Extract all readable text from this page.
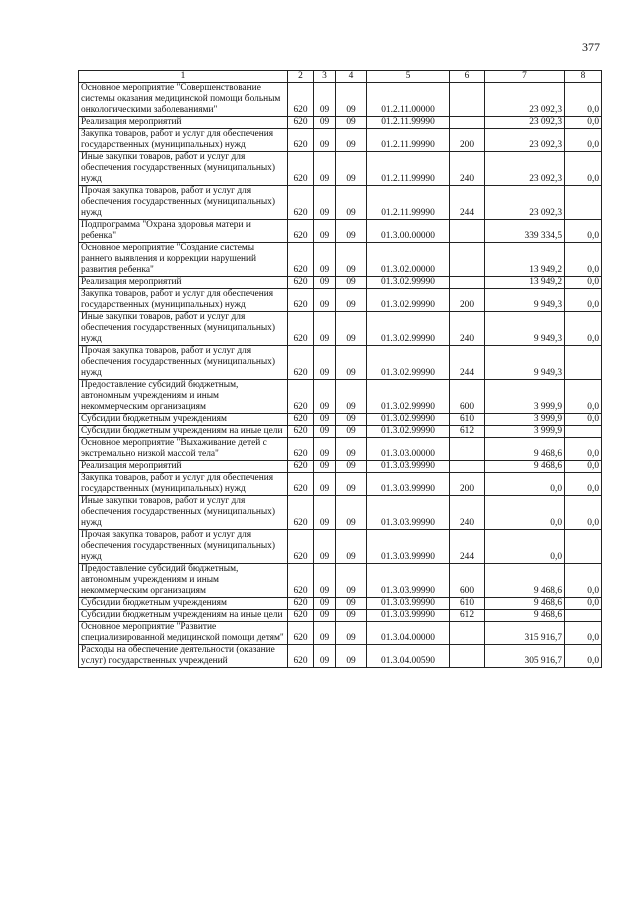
377
1	2	3	4	5	6	7	8
Основное мероприятие "Совершенствование системы оказания медицинской помощи больным онкологическими заболеваниями"	620	09	09	01.2.11.00000		23 092,3	0,0
Реализация мероприятий	620	09	09	01.2.11.99990		23 092,3	0,0
Закупка товаров, работ и услуг для обеспечения государственных (муниципальных) нужд	620	09	09	01.2.11.99990	200	23 092,3	0,0
Иные закупки товаров, работ и услуг для обеспечения государственных (муниципальных) нужд	620	09	09	01.2.11.99990	240	23 092,3	0,0
Прочая закупка товаров, работ и услуг для обеспечения государственных (муниципальных) нужд	620	09	09	01.2.11.99990	244	23 092,3	
Подпрограмма "Охрана здоровья матери и ребенка"	620	09	09	01.3.00.00000		339 334,5	0,0
Основное мероприятие "Создание системы раннего выявления и коррекции нарушений развития ребенка"	620	09	09	01.3.02.00000		13 949,2	0,0
Реализация мероприятий	620	09	09	01.3.02.99990		13 949,2	0,0
Закупка товаров, работ и услуг для обеспечения государственных (муниципальных) нужд	620	09	09	01.3.02.99990	200	9 949,3	0,0
Иные закупки товаров, работ и услуг для обеспечения государственных (муниципальных) нужд	620	09	09	01.3.02.99990	240	9 949,3	0,0
Прочая закупка товаров, работ и услуг для обеспечения государственных (муниципальных) нужд	620	09	09	01.3.02.99990	244	9 949,3	
Предоставление субсидий бюджетным, автономным учреждениям и иным некоммерческим организациям	620	09	09	01.3.02.99990	600	3 999,9	0,0
Субсидии бюджетным учреждениям	620	09	09	01.3.02.99990	610	3 999,9	0,0
Субсидии бюджетным учреждениям на иные цели	620	09	09	01.3.02.99990	612	3 999,9	
Основное мероприятие "Выхаживание детей с экстремально низкой массой тела"	620	09	09	01.3.03.00000		9 468,6	0,0
Реализация мероприятий	620	09	09	01.3.03.99990		9 468,6	0,0
Закупка товаров, работ и услуг для обеспечения государственных (муниципальных) нужд	620	09	09	01.3.03.99990	200	0,0	0,0
Иные закупки товаров, работ и услуг для обеспечения государственных (муниципальных) нужд	620	09	09	01.3.03.99990	240	0,0	0,0
Прочая закупка товаров, работ и услуг для обеспечения государственных (муниципальных) нужд	620	09	09	01.3.03.99990	244	0,0	
Предоставление субсидий бюджетным, автономным учреждениям и иным некоммерческим организациям	620	09	09	01.3.03.99990	600	9 468,6	0,0
Субсидии бюджетным учреждениям	620	09	09	01.3.03.99990	610	9 468,6	0,0
Субсидии бюджетным учреждениям на иные цели	620	09	09	01.3.03.99990	612	9 468,6	
Основное мероприятие "Развитие специализированной медицинской помощи детям"	620	09	09	01.3.04.00000		315 916,7	0,0
Расходы на обеспечение деятельности (оказание услуг) государственных учреждений	620	09	09	01.3.04.00590		305 916,7	0,0
